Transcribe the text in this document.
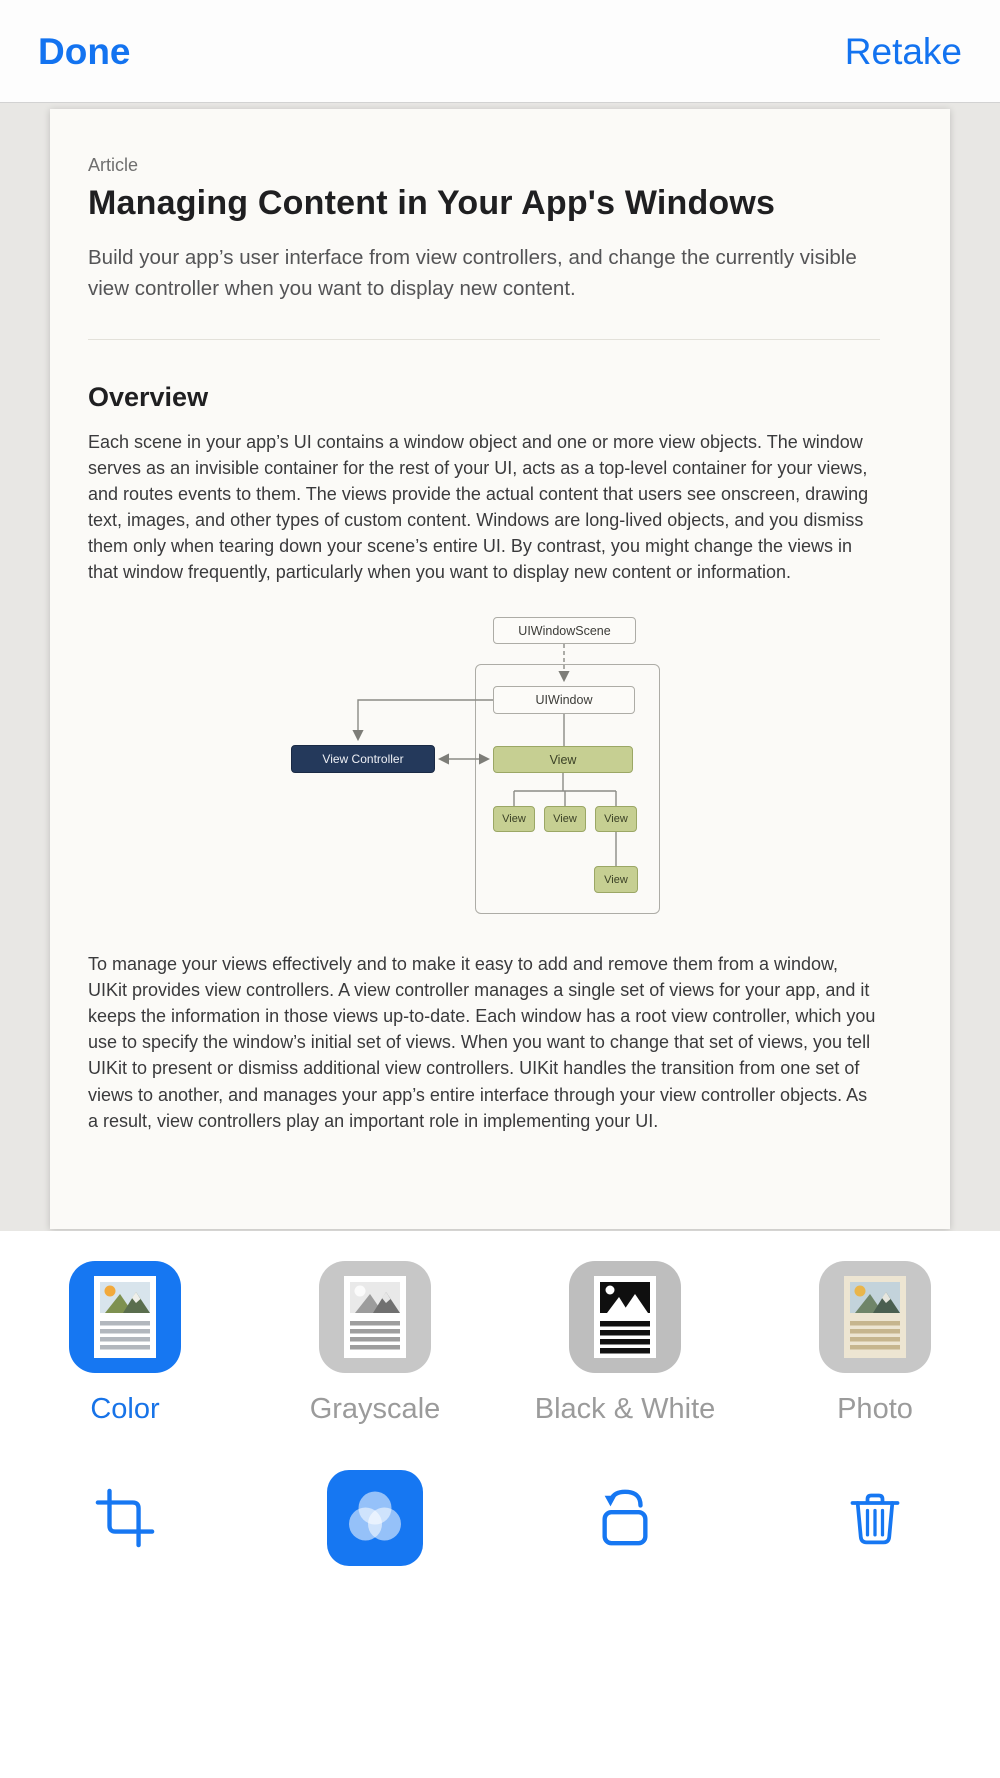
Done	Retake
Article
Managing Content in Your App's Windows

Build your app’s user interface from view controllers, and change the currently visible view controller when you want to display new content.

Overview

Each scene in your app’s UI contains a window object and one or more view objects. The window serves as an invisible container for the rest of your UI, acts as a top-level container for your views, and routes events to them. The views provide the actual content that users see onscreen, drawing text, images, and other types of custom content. Windows are long-lived objects, and you dismiss them only when tearing down your scene’s entire UI. By contrast, you might change the views in that window frequently, particularly when you want to display new content or information.

UIWindowScene
UIWindow
View Controller	View
View	View	View
View

To manage your views effectively and to make it easy to add and remove them from a window, UIKit provides view controllers. A view controller manages a single set of views for your app, and it keeps the information in those views up-to-date. Each window has a root view controller, which you use to specify the window’s initial set of views. When you want to change that set of views, you tell UIKit to present or dismiss additional view controllers. UIKit handles the transition from one set of views to another, and manages your app’s entire interface through your view controller objects. As a result, view controllers play an important role in implementing your UI.

Color	Grayscale	Black & White	Photo
